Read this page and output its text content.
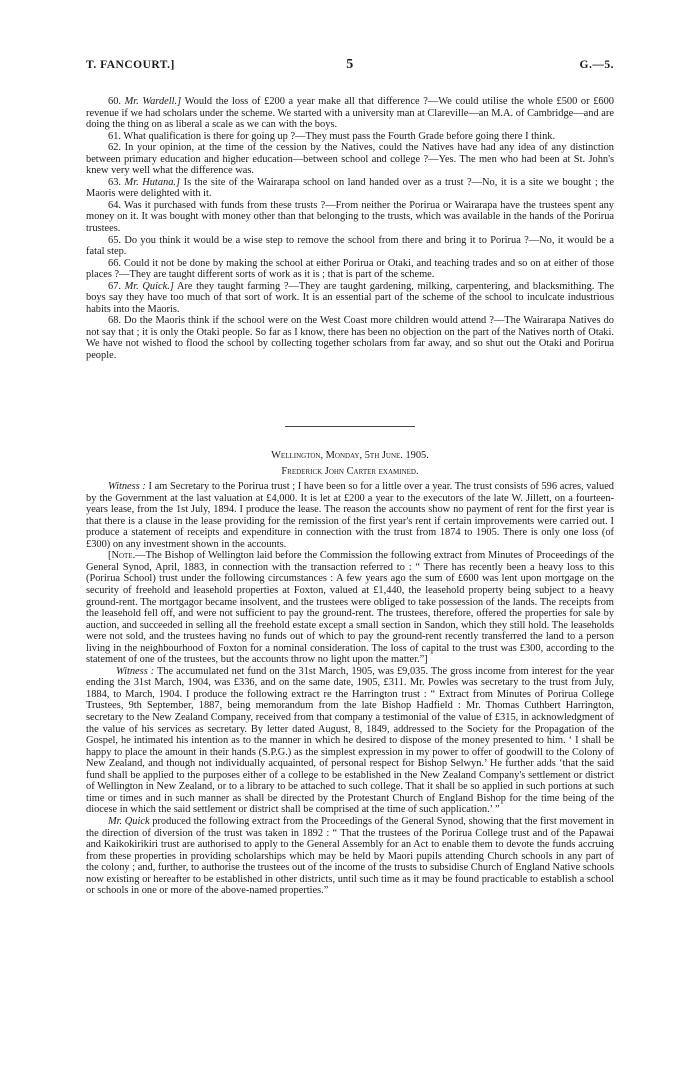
T. FANCOURT.]	5	G.—5.

60. Mr. Wardell.] Would the loss of £200 a year make all that difference ?—We could utilise the whole £500 or £600 revenue if we had scholars under the scheme. We started with a university man at Clareville—an M.A. of Cambridge—and are doing the thing on as liberal a scale as we can with the boys.

61. What qualification is there for going up ?—They must pass the Fourth Grade before going there I think.

62. In your opinion, at the time of the cession by the Natives, could the Natives have had any idea of any distinction between primary education and higher education—between school and college ?—Yes. The men who had been at St. John's knew very well what the difference was.

63. Mr. Hutana.] Is the site of the Wairarapa school on land handed over as a trust ?—No, it is a site we bought ; the Maoris were delighted with it.

64. Was it purchased with funds from these trusts ?—From neither the Porirua or Wairarapa have the trustees spent any money on it. It was bought with money other than that belonging to the trusts, which was available in the hands of the Porirua trustees.

65. Do you think it would be a wise step to remove the school from there and bring it to Porirua ?—No, it would be a fatal step.

66. Could it not be done by making the school at either Porirua or Otaki, and teaching trades and so on at either of those places ?—They are taught different sorts of work as it is ; that is part of the scheme.

67. Mr. Quick.] Are they taught farming ?—They are taught gardening, milking, carpentering, and blacksmithing. The boys say they have too much of that sort of work. It is an essential part of the scheme of the school to inculcate industrious habits into the Maoris.

68. Do the Maoris think if the school were on the West Coast more children would attend ?—The Wairarapa Natives do not say that ; it is only the Otaki people. So far as I know, there has been no objection on the part of the Natives north of Otaki. We have not wished to flood the school by collecting together scholars from far away, and so shut out the Otaki and Porirua people.

Wellington, Monday, 5th June. 1905.

Frederick John Carter examined.

Witness : I am Secretary to the Porirua trust ; I have been so for a little over a year. The trust consists of 596 acres, valued by the Government at the last valuation at £4,000. It is let at £200 a year to the executors of the late W. Jillett, on a fourteen-years lease, from the 1st July, 1894. I produce the lease. The reason the accounts show no payment of rent for the first year is that there is a clause in the lease providing for the remission of the first year's rent if certain improvements were carried out. I produce a statement of receipts and expenditure in connection with the trust from 1874 to 1905. There is only one loss (of £300) on any investment shown in the accounts.

[Note.—The Bishop of Wellington laid before the Commission the following extract from Minutes of Proceedings of the General Synod, April, 1883, in connection with the transaction referred to : “ There has recently been a heavy loss to this (Porirua School) trust under the following circumstances : A few years ago the sum of £600 was lent upon mortgage on the security of freehold and leasehold properties at Foxton, valued at £1,440, the leasehold property being subject to a heavy ground-rent. The mortgagor became insolvent, and the trustees were obliged to take possession of the lands. The receipts from the leasehold fell off, and were not sufficient to pay the ground-rent. The trustees, therefore, offered the properties for sale by auction, and succeeded in selling all the freehold estate except a small section in Sandon, which they still hold. The leaseholds were not sold, and the trustees having no funds out of which to pay the ground-rent recently transferred the land to a person living in the neighbourhood of Foxton for a nominal consideration. The loss of capital to the trust was £300, according to the statement of one of the trustees, but the accounts throw no light upon the matter.”]

Witness : The accumulated net fund on the 31st March, 1905, was £9,035. The gross income from interest for the year ending the 31st March, 1904, was £336, and on the same date, 1905, £311. Mr. Powles was secretary to the trust from July, 1884, to March, 1904. I produce the following extract re the Harrington trust : “ Extract from Minutes of Porirua College Trustees, 9th September, 1887, being memorandum from the late Bishop Hadfield : Mr. Thomas Cuthbert Harrington, secretary to the New Zealand Company, received from that company a testimonial of the value of £315, in acknowledgment of the value of his services as secretary. By letter dated August, 8, 1849, addressed to the Society for the Propagation of the Gospel, he intimated his intention as to the manner in which he desired to dispose of the money presented to him. ‘ I shall be happy to place the amount in their hands (S.P.G.) as the simplest expression in my power to offer of goodwill to the Colony of New Zealand, and though not individually acquainted, of personal respect for Bishop Selwyn.’ He further adds ‘that the said fund shall be applied to the purposes either of a college to be established in the New Zealand Company's settlement or district of Wellington in New Zealand, or to a library to be attached to such college. That it shall be so applied in such portions at such time or times and in such manner as shall be directed by the Protestant Church of England Bishop for the time being of the diocese in which the said settlement or district shall be comprised at the time of such application.’ ”

Mr. Quick produced the following extract from the Proceedings of the General Synod, showing that the first movement in the direction of diversion of the trust was taken in 1892 : “ That the trustees of the Porirua College trust and of the Papawai and Kaikokirikiri trust are authorised to apply to the General Assembly for an Act to enable them to devote the funds accruing from these properties in providing scholarships which may be held by Maori pupils attending Church schools in any part of the colony ; and, further, to authorise the trustees out of the income of the trusts to subsidise Church of England Native schools now existing or hereafter to be established in other districts, until such time as it may be found practicable to establish a school or schools in one or more of the above-named properties.”
